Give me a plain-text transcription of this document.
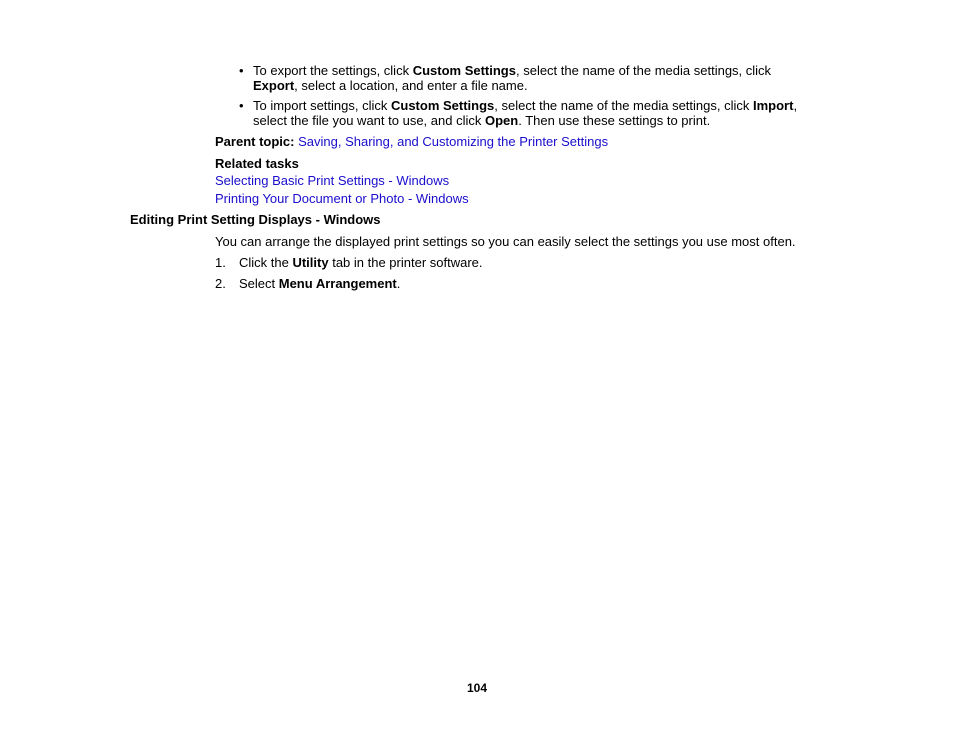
• To export the settings, click Custom Settings, select the name of the media settings, click
Export, select a location, and enter a file name.
• To import settings, click Custom Settings, select the name of the media settings, click Import,
select the file you want to use, and click Open. Then use these settings to print.
Parent topic: Saving, Sharing, and Customizing the Printer Settings
Related tasks
Selecting Basic Print Settings - Windows
Printing Your Document or Photo - Windows
Editing Print Setting Displays - Windows
You can arrange the displayed print settings so you can easily select the settings you use most often.
1. Click the Utility tab in the printer software.
2. Select Menu Arrangement.
104
